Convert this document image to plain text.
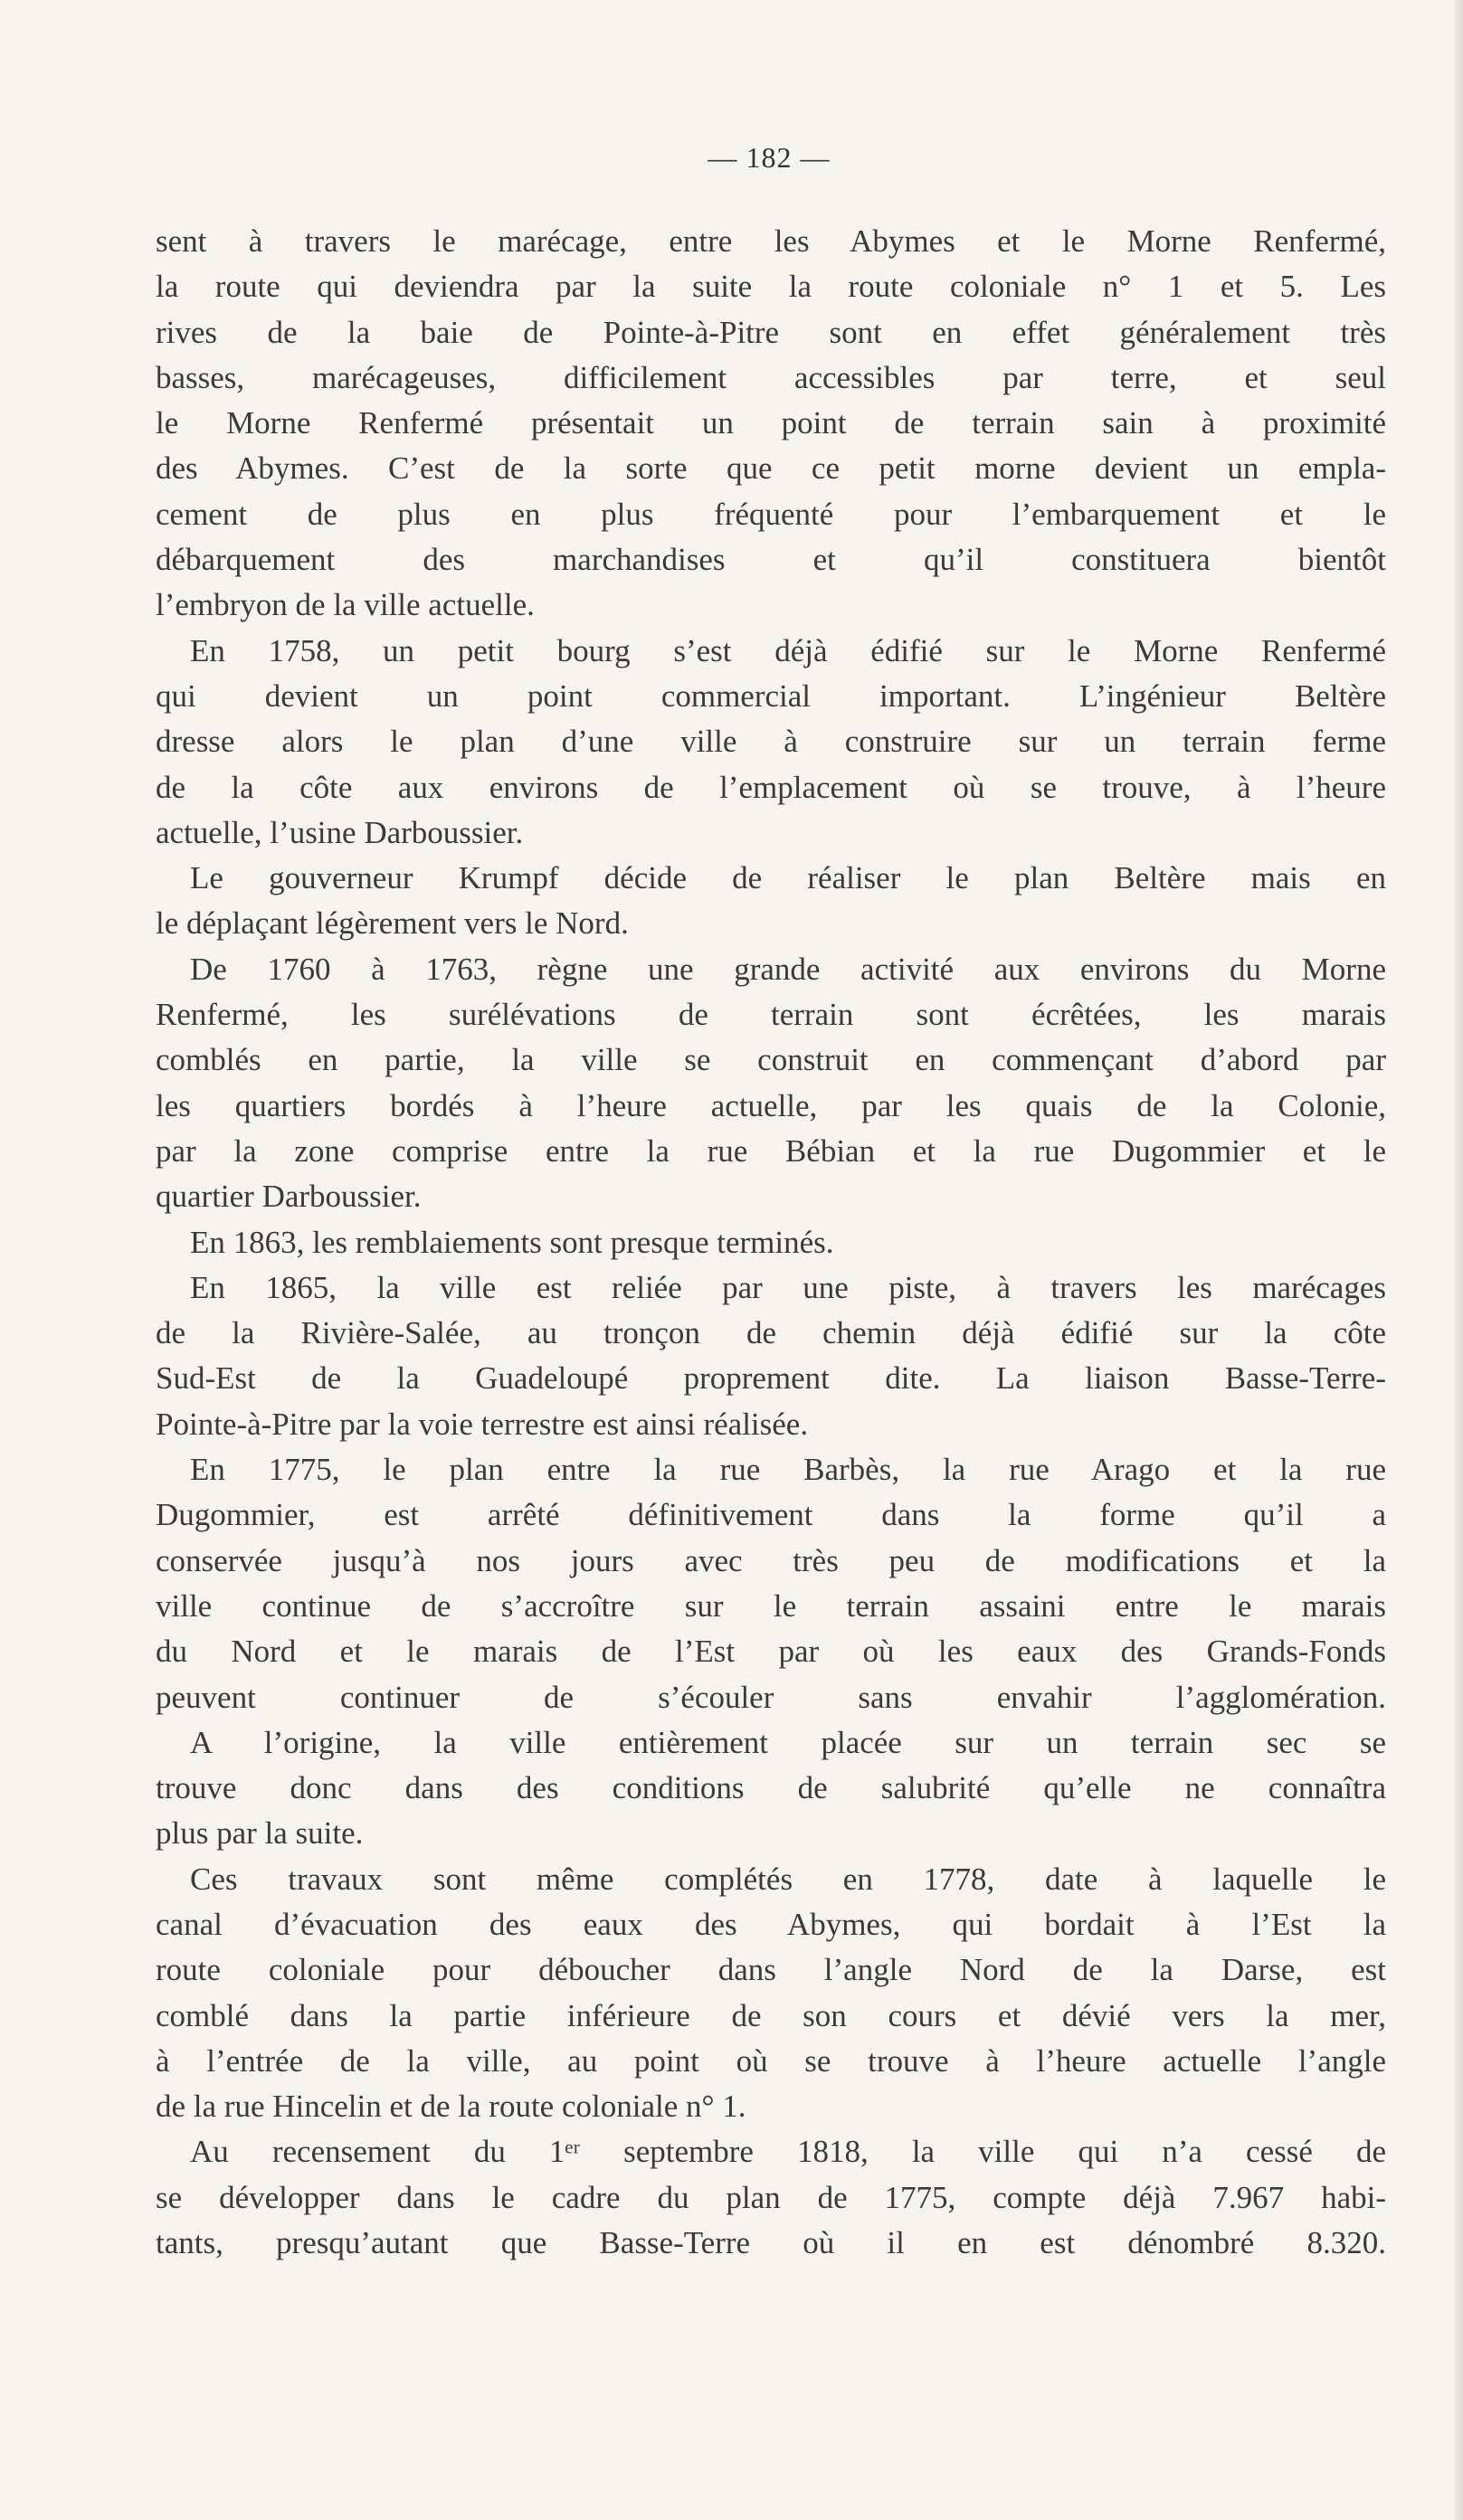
— 182 —
sent à travers le marécage, entre les Abymes et le Morne Renfermé,
la route qui deviendra par la suite la route coloniale n° 1 et 5. Les
rives de la baie de Pointe-à-Pitre sont en effet généralement très
basses, marécageuses, difficilement accessibles par terre, et seul
le Morne Renfermé présentait un point de terrain sain à proximité
des Abymes. C’est de la sorte que ce petit morne devient un empla-
cement de plus en plus fréquenté pour l’embarquement et le
débarquement des marchandises et qu’il constituera bientôt
l’embryon de la ville actuelle.
En 1758, un petit bourg s’est déjà édifié sur le Morne Renfermé
qui devient un point commercial important. L’ingénieur Beltère
dresse alors le plan d’une ville à construire sur un terrain ferme
de la côte aux environs de l’emplacement où se trouve, à l’heure
actuelle, l’usine Darboussier.
Le gouverneur Krumpf décide de réaliser le plan Beltère mais en
le déplaçant légèrement vers le Nord.
De 1760 à 1763, règne une grande activité aux environs du Morne
Renfermé, les surélévations de terrain sont écrêtées, les marais
comblés en partie, la ville se construit en commençant d’abord par
les quartiers bordés à l’heure actuelle, par les quais de la Colonie,
par la zone comprise entre la rue Bébian et la rue Dugommier et le
quartier Darboussier.
En 1863, les remblaiements sont presque terminés.
En 1865, la ville est reliée par une piste, à travers les marécages
de la Rivière-Salée, au tronçon de chemin déjà édifié sur la côte
Sud-Est de la Guadeloupé proprement dite. La liaison Basse-Terre-
Pointe-à-Pitre par la voie terrestre est ainsi réalisée.
En 1775, le plan entre la rue Barbès, la rue Arago et la rue
Dugommier, est arrêté définitivement dans la forme qu’il a
conservée jusqu’à nos jours avec très peu de modifications et la
ville continue de s’accroître sur le terrain assaini entre le marais
du Nord et le marais de l’Est par où les eaux des Grands-Fonds
peuvent continuer de s’écouler sans envahir l’agglomération.
A l’origine, la ville entièrement placée sur un terrain sec se
trouve donc dans des conditions de salubrité qu’elle ne connaîtra
plus par la suite.
Ces travaux sont même complétés en 1778, date à laquelle le
canal d’évacuation des eaux des Abymes, qui bordait à l’Est la
route coloniale pour déboucher dans l’angle Nord de la Darse, est
comblé dans la partie inférieure de son cours et dévié vers la mer,
à l’entrée de la ville, au point où se trouve à l’heure actuelle l’angle
de la rue Hincelin et de la route coloniale n° 1.
Au recensement du 1ᵉʳ septembre 1818, la ville qui n’a cessé de
se développer dans le cadre du plan de 1775, compte déjà 7.967 habi-
tants, presqu’autant que Basse-Terre où il en est dénombré 8.320.
